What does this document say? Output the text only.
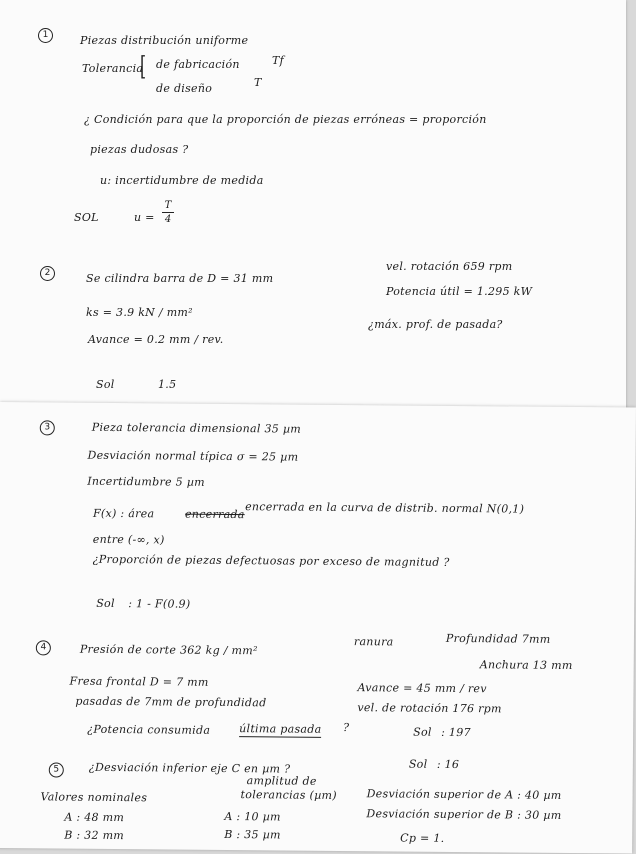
1	Piezas distribución uniforme
Tolerancia
[ de fabricación	Tf
de diseño	T
¿ Condición para que la proporción de piezas erróneas = proporción
piezas dudosas ?
u: incertidumbre de medida
SOL	u =
T
4
2	Se cilindra barra de D = 31 mm
vel. rotación 659 rpm
Potencia útil = 1.295 kW
ks = 3.9 kN / mm²
Avance = 0.2 mm / rev.
¿máx. prof. de pasada?
Sol	1.5
3	Pieza tolerancia dimensional 35 µm
Desviación normal típica σ = 25 µm
Incertidumbre 5 µm
F(x) : área	encerrada encerrada en la curva de distrib. normal N(0,1)
entre (-∞, x)
¿Proporción de piezas defectuosas por exceso de magnitud ?
Sol : 1 - F(0.9)
4	Presión de corte 362 kg / mm²
ranura	Profundidad 7mm
Anchura 13 mm
Fresa frontal D = 7 mm
pasadas de 7mm de profundidad
Avance = 45 mm / rev
vel. de rotación 176 rpm
¿Potencia consumida	última pasada ?	Sol : 197
5	¿Desviación inferior eje C en µm ?	Sol : 16
Valores nominales
amplitud de
tolerancias (µm)
A : 48 mm
B : 32 mm
A : 10 µm
B : 35 µm
Desviación superior de A : 40 µm
Desviación superior de B : 30 µm
Cp = 1.
